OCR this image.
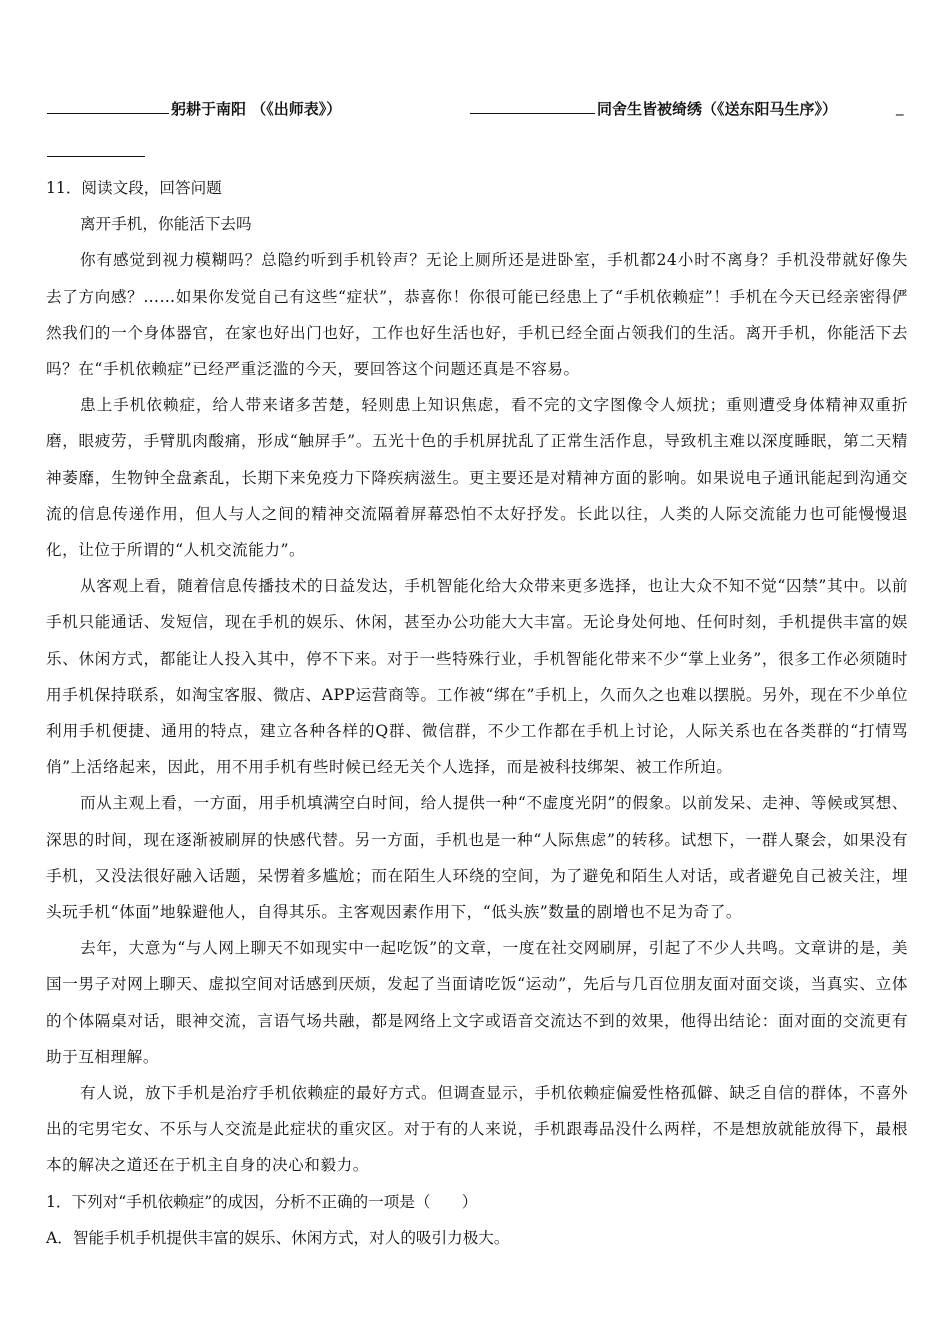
躬耕于南阳 （《出师表》）	同舍生皆被绮绣（《送东阳马生序》）	_

11．阅读文段，回答问题

离开手机，你能活下去吗

你有感觉到视力模糊吗？总隐约听到手机铃声？无论上厕所还是进卧室，手机都24小时不离身？手机没带就好像失去了方向感？……如果你发觉自己有这些“症状”，恭喜你！你很可能已经患上了“手机依赖症”！手机在今天已经亲密得俨然我们的一个身体器官，在家也好出门也好，工作也好生活也好，手机已经全面占领我们的生活。离开手机，你能活下去吗？在“手机依赖症”已经严重泛滥的今天，要回答这个问题还真是不容易。

患上手机依赖症，给人带来诸多苦楚，轻则患上知识焦虑，看不完的文字图像令人烦扰；重则遭受身体精神双重折磨，眼疲劳，手臂肌肉酸痛，形成“触屏手”。五光十色的手机屏扰乱了正常生活作息，导致机主难以深度睡眠，第二天精神萎靡，生物钟全盘紊乱，长期下来免疫力下降疾病滋生。更主要还是对精神方面的影响。如果说电子通讯能起到沟通交流的信息传递作用，但人与人之间的精神交流隔着屏幕恐怕不太好抒发。长此以往，人类的人际交流能力也可能慢慢退化，让位于所谓的“人机交流能力”。

从客观上看，随着信息传播技术的日益发达，手机智能化给大众带来更多选择，也让大众不知不觉“囚禁”其中。以前手机只能通话、发短信，现在手机的娱乐、休闲，甚至办公功能大大丰富。无论身处何地、任何时刻，手机提供丰富的娱乐、休闲方式，都能让人投入其中，停不下来。对于一些特殊行业，手机智能化带来不少“掌上业务”，很多工作必须随时用手机保持联系，如淘宝客服、微店、APP运营商等。工作被“绑在”手机上，久而久之也难以摆脱。另外，现在不少单位利用手机便捷、通用的特点，建立各种各样的Q群、微信群，不少工作都在手机上讨论，人际关系也在各类群的“打情骂俏”上活络起来，因此，用不用手机有些时候已经无关个人选择，而是被科技绑架、被工作所迫。

而从主观上看，一方面，用手机填满空白时间，给人提供一种“不虚度光阴”的假象。以前发呆、走神、等候或冥想、深思的时间，现在逐渐被刷屏的快感代替。另一方面，手机也是一种“人际焦虑”的转移。试想下，一群人聚会，如果没有手机，又没法很好融入话题，呆愣着多尴尬；而在陌生人环绕的空间，为了避免和陌生人对话，或者避免自己被关注，埋头玩手机“体面”地躲避他人，自得其乐。主客观因素作用下，“低头族”数量的剧增也不足为奇了。

去年，大意为“与人网上聊天不如现实中一起吃饭”的文章，一度在社交网刷屏，引起了不少人共鸣。文章讲的是，美国一男子对网上聊天、虚拟空间对话感到厌烦，发起了当面请吃饭“运动”，先后与几百位朋友面对面交谈，当真实、立体的个体隔桌对话，眼神交流，言语气场共融，都是网络上文字或语音交流达不到的效果，他得出结论：面对面的交流更有助于互相理解。

有人说，放下手机是治疗手机依赖症的最好方式。但调查显示，手机依赖症偏爱性格孤僻、缺乏自信的群体，不喜外出的宅男宅女、不乐与人交流是此症状的重灾区。对于有的人来说，手机跟毒品没什么两样，不是想放就能放得下，最根本的解决之道还在于机主自身的决心和毅力。

1．下列对“手机依赖症”的成因，分析不正确的一项是（　　）

A．智能手机手机提供丰富的娱乐、休闲方式，对人的吸引力极大。
